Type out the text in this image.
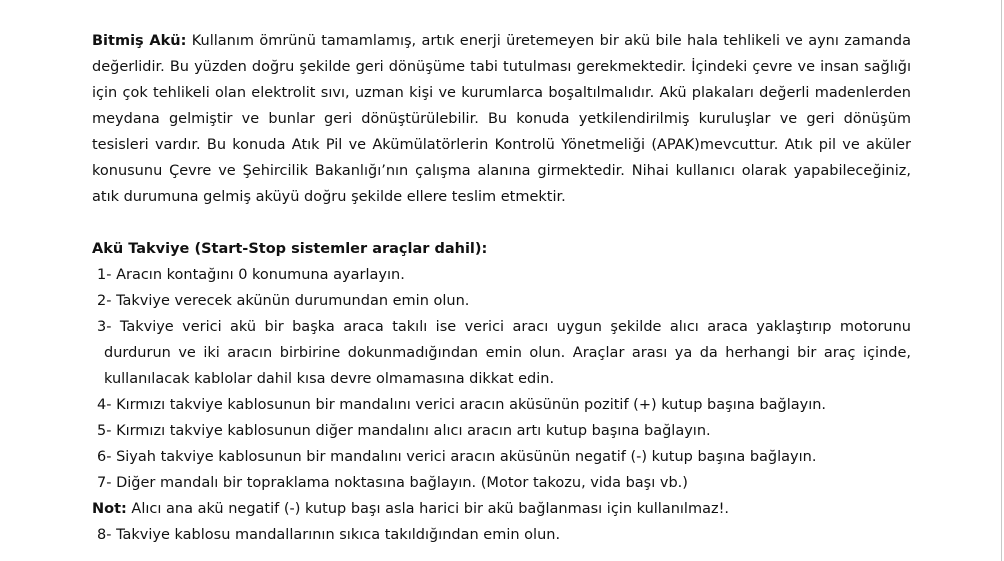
Bitmiş Akü: Kullanım ömrünü tamamlamış, artık enerji üretemeyen bir akü bile hala tehlikeli ve aynı zamanda değerlidir. Bu yüzden doğru şekilde geri dönüşüme tabi tutulması gerekmektedir. İçindeki çevre ve insan sağlığı için çok tehlikeli olan elektrolit sıvı, uzman kişi ve kurumlarca boşaltılmalıdır. Akü plakaları değerli madenlerden meydana gelmiştir ve bunlar geri dönüştürülebilir. Bu konuda yetkilendirilmiş kuruluşlar ve geri dönüşüm tesisleri vardır. Bu konuda Atık Pil ve Akümülatörlerin Kontrolü Yönetmeliği (APAK)mevcuttur. Atık pil ve aküler konusunu Çevre ve Şehircilik Bakanlığı’nın çalışma alanına girmektedir. Nihai kullanıcı olarak yapabileceğiniz, atık durumuna gelmiş aküyü doğru şekilde ellere teslim etmektir.

Akü Takviye (Start-Stop sistemler araçlar dahil):

1- Aracın kontağını 0 konumuna ayarlayın.

2- Takviye verecek akünün durumundan emin olun.

3- Takviye verici akü bir başka araca takılı ise verici aracı uygun şekilde alıcı araca yaklaştırıp motorunu durdurun ve iki aracın birbirine dokunmadığından emin olun. Araçlar arası ya da herhangi bir araç içinde, kullanılacak kablolar dahil kısa devre olmamasına dikkat edin.

4- Kırmızı takviye kablosunun bir mandalını verici aracın aküsünün pozitif (+) kutup başına bağlayın.

5- Kırmızı takviye kablosunun diğer mandalını alıcı aracın artı kutup başına bağlayın.

6- Siyah takviye kablosunun bir mandalını verici aracın aküsünün negatif (-) kutup başına bağlayın.

7- Diğer mandalı bir topraklama noktasına bağlayın. (Motor takozu, vida başı vb.)

Not: Alıcı ana akü negatif (-) kutup başı asla harici bir akü bağlanması için kullanılmaz!.

8- Takviye kablosu mandallarının sıkıca takıldığından emin olun.
